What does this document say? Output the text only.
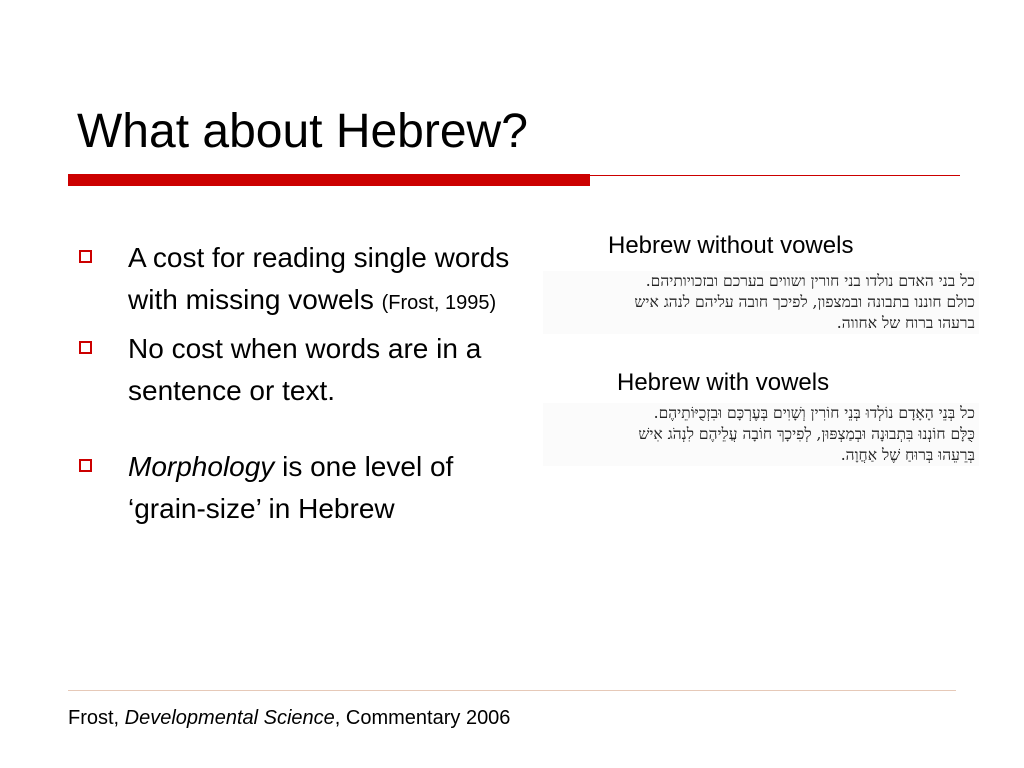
What about Hebrew?
A cost for reading single words with missing vowels (Frost, 1995)
No cost when words are in a sentence or text.
Morphology is one level of ‘grain-size’ in Hebrew
Hebrew without vowels
כל בני האדם נולדו בני חורין ושווים בערכם ובזכויותיהם.
כולם חוננו בתבונה ובמצפון, לפיכך חובה עליהם לנהג איש
ברעהו ברוח של אחווה.
Hebrew with vowels
כל בְּנֵי הָאָדָם נוֹלְדוּ בְּנֵי חוֹרִין וְשָׁוִים בְּעֶרְכָּם וּבִזְכֻיּוֹתֵיהֶם.
כֻּלָּם חוֹנְנוּ בִּתְבוּנָה וּבְמַצְפּוּן, לְפִיכָךְ חוֹבָה עֲלֵיהֶם לִנְהֹג אִישׁ
בְּרֵעֵהוּ בְּרוּחַ שֶׁל אַחֲוָה.
Frost, Developmental Science, Commentary 2006
